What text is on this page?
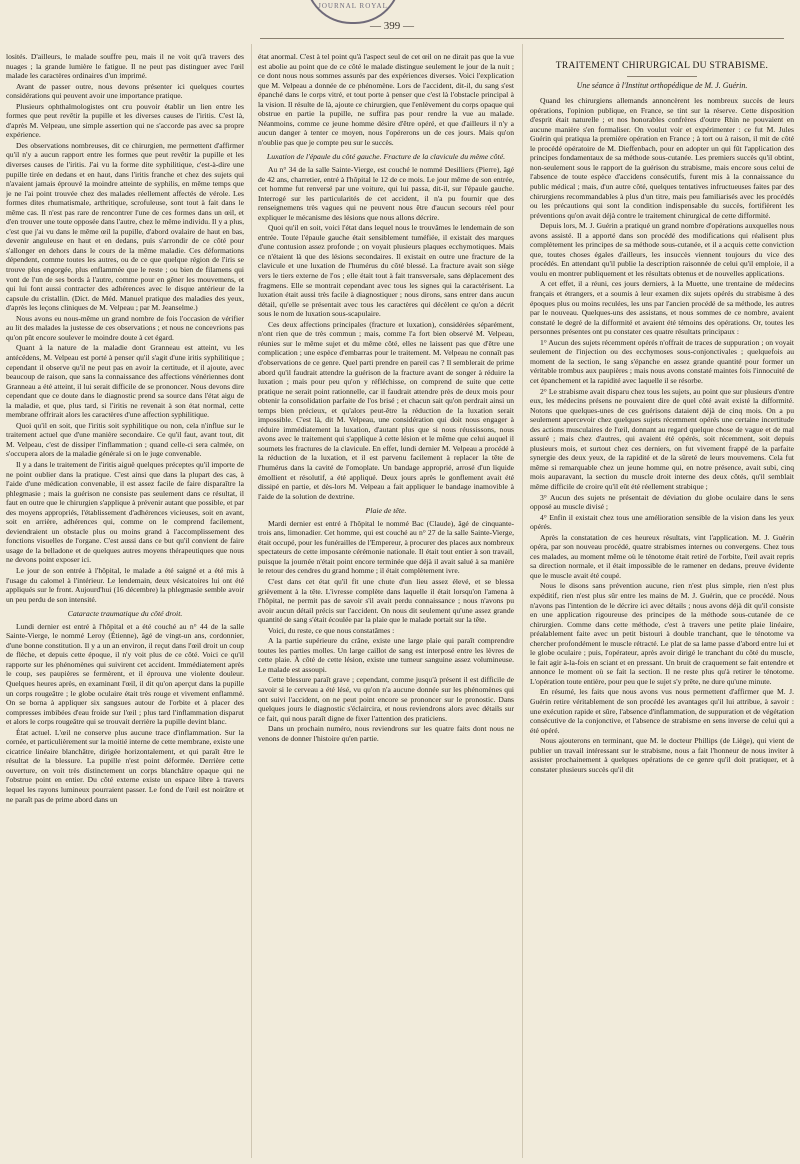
JOURNAL ROYAL
— 399 —

losités. D'ailleurs, le malade souffre peu, mais il ne voit qu'à travers des nuages ; la grande lumière le fatigue. Il ne peut pas distinguer avec l'œil malade les caractères ordinaires d'un imprimé.

Avant de passer outre, nous devons présenter ici quelques courtes considérations qui peuvent avoir une importance pratique.

Plusieurs ophthalmologistes ont cru pouvoir établir un lien entre les formes que peut revêtir la pupille et les diverses causes de l'iritis. C'est là, d'après M. Velpeau, une simple assertion qui ne s'accorde pas avec sa propre expérience.

Des observations nombreuses, dit ce chirurgien, me permettent d'affirmer qu'il n'y a aucun rapport entre les formes que peut revêtir la pupille et les diverses causes de l'iritis. J'ai vu la forme dite syphilitique, c'est-à-dire une pupille tirée en dedans et en haut, dans l'iritis franche et chez des sujets qui n'avaient jamais éprouvé la moindre atteinte de syphilis, en même temps que je ne l'ai point trouvée chez des malades réellement affectés de vérole. Les formes dites rhumatismale, arthritique, scrofuleuse, sont tout à fait dans le même cas. Il n'est pas rare de rencontrer l'une de ces formes dans un œil, et d'en trouver une toute opposée dans l'autre, chez le même individu. Il y a plus, c'est que j'ai vu dans le même œil la pupille, d'abord ovalaire de haut en bas, devenir anguleuse en haut et en dedans, puis s'arrondir de ce côté pour s'allonger en dehors dans le cours de la même maladie. Ces déformations dépendent, comme toutes les autres, ou de ce que quelque région de l'iris se trouve plus engorgée, plus enflammée que le reste ; ou bien de filamens qui vont de l'un de ses bords à l'autre, comme pour en gêner les mouvemens, et qui lui font aussi contracter des adhérences avec le disque antérieur de la capsule du cristallin. (Dict. de Méd. Manuel pratique des maladies des yeux, d'après les leçons cliniques de M. Velpeau ; par M. Jeanselme.)

Nous avons eu nous-même un grand nombre de fois l'occasion de vérifier au lit des malades la justesse de ces observations ; et nous ne concevrions pas qu'on pût encore soulever le moindre doute à cet égard.

Quant à la nature de la maladie dont Granneau est atteint, vu les antécédens, M. Velpeau est porté à penser qu'il s'agit d'une iritis syphilitique ; cependant il observe qu'il ne peut pas en avoir la certitude, et il ajoute, avec beaucoup de raison, que sans la connaissance des affections vénériennes dont Granneau a été atteint, il lui serait difficile de se prononcer. Nous devons dire cependant que ce doute dans le diagnostic prend sa source dans l'état aigu de la maladie, et que, plus tard, si l'iritis ne revenait à son état normal, cette membrane offrirait alors les caractères d'une affection syphilitique.

Quoi qu'il en soit, que l'iritis soit syphilitique ou non, cela n'influe sur le traitement actuel que d'une manière secondaire. Ce qu'il faut, avant tout, dit M. Velpeau, c'est de dissiper l'inflammation ; quand celle-ci sera calmée, on s'occupera alors de la maladie générale si on le juge convenable.

Il y a dans le traitement de l'iritis aiguë quelques préceptes qu'il importe de ne point oublier dans la pratique. C'est ainsi que dans la plupart des cas, à l'aide d'une médication convenable, il est assez facile de faire disparaître la phlegmasie ; mais la guérison ne consiste pas seulement dans ce résultat, il faut en outre que le chirurgien s'applique à prévenir autant que possible, et par des moyens appropriés, l'établissement d'adhérences vicieuses, soit en avant, soit en arrière, adhérences qui, comme on le comprend facilement, deviendraient un obstacle plus ou moins grand à l'accomplissement des fonctions visuelles de l'organe. C'est aussi dans ce but qu'il convient de faire usage de la belladone et de quelques autres moyens thérapeutiques que nous ne devons point exposer ici.

Le jour de son entrée à l'hôpital, le malade a été saigné et a été mis à l'usage du calomel à l'intérieur. Le lendemain, deux vésicatoires lui ont été appliqués sur le front. Aujourd'hui (16 décembre) la phlegmasie semble avoir un peu perdu de son intensité.

Cataracte traumatique du côté droit.

Lundi dernier est entré à l'hôpital et a été couché au n° 44 de la salle Sainte-Vierge, le nommé Leroy (Étienne), âgé de vingt-un ans, cordonnier, d'une bonne constitution. Il y a un an environ, il reçut dans l'œil droit un coup de flèche, et depuis cette époque, il n'y voit plus de ce côté. Voici ce qu'il rapporte sur les phénomènes qui suivirent cet accident. Immédiatement après le coup, ses paupières se fermèrent, et il éprouva une violente douleur. Quelques heures après, en examinant l'œil, il dit qu'on aperçut dans la pupille un corps rougeâtre ; le globe oculaire était très rouge et vivement enflammé. On se borna à appliquer six sangsues autour de l'orbite et à placer des compresses imbibées d'eau froide sur l'œil ; plus tard l'inflammation disparut et alors le corps rougeâtre qui se trouvait derrière la pupille devint blanc.

État actuel. L'œil ne conserve plus aucune trace d'inflammation. Sur la cornée, et particulièrement sur la moitié interne de cette membrane, existe une cicatrice linéaire blanchâtre, dirigée horizontalement, et qui paraît être le résultat de la blessure. La pupille n'est point déformée. Derrière cette ouverture, on voit très distinctement un corps blanchâtre opaque qui ne l'obstrue point en entier. Du côté externe existe un espace libre à travers lequel les rayons lumineux pourraient passer. Le fond de l'œil est noirâtre et ne paraît pas de prime abord dans un

état anormal. C'est à tel point qu'à l'aspect seul de cet œil on ne dirait pas que la vue est abolie au point que de ce côté le malade distingue seulement le jour de la nuit ; ce dont nous nous sommes assurés par des expériences diverses. Voici l'explication que M. Velpeau a donnée de ce phénomène. Lors de l'accident, dit-il, du sang s'est épanché dans le corps vitré, et tout porte à penser que c'est là l'obstacle principal à la vision. Il résulte de là, ajoute ce chirurgien, que l'enlèvement du corps opaque qui obstrue en partie la pupille, ne suffira pas pour rendre la vue au malade. Néanmoins, comme ce jeune homme désire d'être opéré, et que d'ailleurs il n'y a aucun danger à tenter ce moyen, nous l'opérerons un de ces jours. Mais qu'on n'oublie pas que je compte peu sur le succès.

Luxation de l'épaule du côté gauche. Fracture de la clavicule du même côté.

Au n° 34 de la salle Sainte-Vierge, est couché le nommé Desilliers (Pierre), âgé de 42 ans, charretier, entré à l'hôpital le 12 de ce mois. Le jour même de son entrée, cet homme fut renversé par une voiture, qui lui passa, dit-il, sur l'épaule gauche. Interrogé sur les particularités de cet accident, il n'a pu fournir que des renseignemens très vagues qui ne peuvent nous être d'aucun secours réel pour expliquer le mécanisme des lésions que nous allons décrire.

Quoi qu'il en soit, voici l'état dans lequel nous le trouvâmes le lendemain de son entrée. Toute l'épaule gauche était sensiblement tuméfiée, il existait des marques d'une contusion assez profonde ; on voyait plusieurs plaques ecchymotiques. Mais ce n'étaient là que des lésions secondaires. Il existait en outre une fracture de la clavicule et une luxation de l'humérus du côté blessé. La fracture avait son siège vers le tiers externe de l'os ; elle était tout à fait transversale, sans déplacement des fragmens. Elle se montrait cependant avec tous les signes qui la caractérisent. La luxation était aussi très facile à diagnostiquer ; nous dirons, sans entrer dans aucun détail, qu'elle se présentait avec tous les caractères qui décèlent ce qu'on a décrit sous le nom de luxation sous-scapulaire.

Ces deux affections principales (fracture et luxation), considérées séparément, n'ont rien que de très commun ; mais, comme l'a fort bien observé M. Velpeau, réunies sur le même sujet et du même côté, elles ne laissent pas que d'être une complication ; une espèce d'embarras pour le traitement. M. Velpeau ne connaît pas d'observations de ce genre. Quel parti prendre en pareil cas ? Il semblerait de prime abord qu'il faudrait attendre la guérison de la fracture avant de songer à réduire la luxation ; mais pour peu qu'on y réfléchisse, on comprend de suite que cette pratique ne serait point rationnelle, car il faudrait attendre près de deux mois pour obtenir la consolidation parfaite de l'os brisé ; et chacun sait qu'on perdrait ainsi un temps bien précieux, et qu'alors peut-être la réduction de la luxation serait impossible. C'est là, dit M. Velpeau, une considération qui doit nous engager à réduire immédiatement la luxation, d'autant plus que si nous réussissons, nous avons avec le traitement qui s'applique à cette lésion et le même que celui auquel il soumets les fractures de la clavicule. En effet, lundi dernier M. Velpeau a procédé à la réduction de la luxation, et il est parvenu facilement à replacer la tête de l'humérus dans la cavité de l'omoplate. Un bandage approprié, arrosé d'un liquide émollient et résolutif, a été appliqué. Deux jours après le gonflement avait été dissipé en partie, et dès-lors M. Velpeau a fait appliquer le bandage inamovible à l'aide de la solution de dextrine.

Plaie de tête.

Mardi dernier est entré à l'hôpital le nommé Bac (Claude), âgé de cinquante-trois ans, limonadier. Cet homme, qui est couché au n° 27 de la salle Sainte-Vierge, était occupé, pour les funérailles de l'Empereur, à procurer des places aux nombreux spectateurs de cette imposante cérémonie nationale. Il était tout entier à son travail, puisque la journée n'était point encore terminée que déjà il avait salué à sa manière le retour des cendres du grand homme ; il était complètement ivre.

C'est dans cet état qu'il fit une chute d'un lieu assez élevé, et se blessa grièvement à la tête. L'ivresse complète dans laquelle il était lorsqu'on l'amena à l'hôpital, ne permit pas de savoir s'il avait perdu connaissance ; nous n'avons pu avoir aucun détail précis sur l'accident. On nous dit seulement qu'une assez grande quantité de sang s'était écoulée par la plaie que le malade portait sur la tête.

Voici, du reste, ce que nous constatâmes :

A la partie supérieure du crâne, existe une large plaie qui paraît comprendre toutes les parties molles. Un large caillot de sang est interposé entre les lèvres de cette plaie. À côté de cette lésion, existe une tumeur sanguine assez volumineuse. Le malade est assoupi.

Cette blessure paraît grave ; cependant, comme jusqu'à présent il est difficile de savoir si le cerveau a été lésé, vu qu'on n'a aucune donnée sur les phénomènes qui ont suivi l'accident, on ne peut point encore se prononcer sur le pronostic. Dans quelques jours le diagnostic s'éclaircira, et nous reviendrons alors avec détails sur ce fait, qui nous paraît digne de fixer l'attention des praticiens.

Dans un prochain numéro, nous reviendrons sur les quatre faits dont nous ne venons de donner l'histoire qu'en partie.

TRAITEMENT CHIRURGICAL DU STRABISME.
Une séance à l'Institut orthopédique de M. J. Guérin.

Quand les chirurgiens allemands annoncèrent les nombreux succès de leurs opérations, l'opinion publique, en France, se tint sur la réserve. Cette disposition d'esprit était naturelle ; et nos honorables confrères d'outre Rhin ne pouvaient en aucune manière s'en formaliser. On voulut voir et expérimenter : ce fut M. Jules Guérin qui pratiqua la première opération en France ; à tort ou à raison, il mit de côté le procédé opératoire de M. Dieffenbach, pour en adopter un qui fût l'application des principes fondamentaux de sa méthode sous-cutanée. Les premiers succès qu'il obtint, non-seulement sous le rapport de la guérison du strabisme, mais encore sous celui de l'absence de toute espèce d'accidens consécutifs, furent mis à la connaissance du public médical ; mais, d'un autre côté, quelques tentatives infructueuses faites par des chirurgiens recommandables à plus d'un titre, mais peu familiarisés avec les procédés ou les précautions qui sont la condition indispensable du succès, fortifièrent les préventions qu'on avait déjà contre le traitement chirurgical de cette difformité.

Depuis lors, M. J. Guérin a pratiqué un grand nombre d'opérations auxquelles nous avons assisté. Il a apporté dans son procédé des modifications qui réalisent plus complètement les principes de sa méthode sous-cutanée, et il a acquis cette conviction que, toutes choses égales d'ailleurs, les insuccès viennent toujours du vice des procédés. En attendant qu'il publie la description raisonnée de celui qu'il emploie, il a voulu en montrer publiquement et les résultats obtenus et de nouvelles applications.

A cet effet, il a réuni, ces jours derniers, à la Muette, une trentaine de médecins français et étrangers, et a soumis à leur examen dix sujets opérés du strabisme à des époques plus ou moins reculées, les uns par l'ancien procédé de sa méthode, les autres par le nouveau. Quelques-uns des assistans, et nous sommes de ce nombre, avaient constaté le degré de la difformité et avaient été témoins des opérations. Or, toutes les personnes présentes ont pu constater ces quatre résultats principaux :

1° Aucun des sujets récemment opérés n'offrait de traces de suppuration ; on voyait seulement de l'injection ou des ecchymoses sous-conjonctivales ; quelquefois au moment de la section, le sang s'épanche en assez grande quantité pour former un véritable trombus aux paupières ; mais nous avons constaté maintes fois l'innocuité de cet épanchement et la rapidité avec laquelle il se résorbe.

2° Le strabisme avait disparu chez tous les sujets, au point que sur plusieurs d'entre eux, les médecins présens ne pouvaient dire de quel côté avait existé la difformité. Notons que quelques-unes de ces guérisons dataient déjà de cinq mois. On a pu seulement apercevoir chez quelques sujets récemment opérés une certaine incertitude des actions musculaires de l'œil, donnant au regard quelque chose de vague et de mal assuré ; mais chez d'autres, qui avaient été opérés, soit récemment, soit depuis plusieurs mois, et surtout chez ces derniers, on fut vivement frappé de la parfaite synergie des deux yeux, de la rapidité et de la sûreté de leurs mouvemens. Cela fut même si remarquable chez un jeune homme qui, en notre présence, avait subi, cinq mois auparavant, la section du muscle droit interne des deux côtés, qu'il semblait même difficile de croire qu'il eût été réellement strabique ;

3° Aucun des sujets ne présentait de déviation du globe oculaire dans le sens opposé au muscle divisé ;

4° Enfin il existait chez tous une amélioration sensible de la vision dans les yeux opérés.

Après la constatation de ces heureux résultats, vint l'application. M. J. Guérin opéra, par son nouveau procédé, quatre strabismes internes ou convergens. Chez tous ces malades, au moment même où le ténotome était retiré de l'orbite, l'œil avait repris sa direction normale, et il était impossible de le ramener en dedans, preuve évidente que le muscle avait été coupé.

Nous le disons sans prévention aucune, rien n'est plus simple, rien n'est plus expéditif, rien n'est plus sûr entre les mains de M. J. Guérin, que ce procédé. Nous n'avons pas l'intention de le décrire ici avec détails ; nous avons déjà dit qu'il consiste en une application rigoureuse des principes de la méthode sous-cutanée de ce chirurgien. Comme dans cette méthode, c'est à travers une petite plaie linéaire, préalablement faite avec un petit bistouri à double tranchant, que le ténotome va chercher profondément le muscle rétracté. Le plat de sa lame passe d'abord entre lui et le globe oculaire ; puis, l'opérateur, après avoir dirigé le tranchant du côté du muscle, le fait agir à-la-fois en sciant et en pressant. Un bruit de craquement se fait entendre et annonce le moment où se fait la section. Il ne reste plus qu'à retirer le ténotome. L'opération toute entière, pour peu que le sujet s'y prête, ne dure qu'une minute.

En résumé, les faits que nous avons vus nous permettent d'affirmer que M. J. Guérin retire véritablement de son procédé les avantages qu'il lui attribue, à savoir : une exécution rapide et sûre, l'absence d'inflammation, de suppuration et de végétation consécutive de la conjonctive, et l'absence de strabisme en sens inverse de celui qui a été opéré.

Nous ajouterons en terminant, que M. le docteur Phillips (de Liège), qui vient de publier un travail intéressant sur le strabisme, nous a fait l'honneur de nous inviter à assister prochainement à quelques opérations de ce genre qu'il doit pratiquer, et à constater plusieurs succès qu'il dit
